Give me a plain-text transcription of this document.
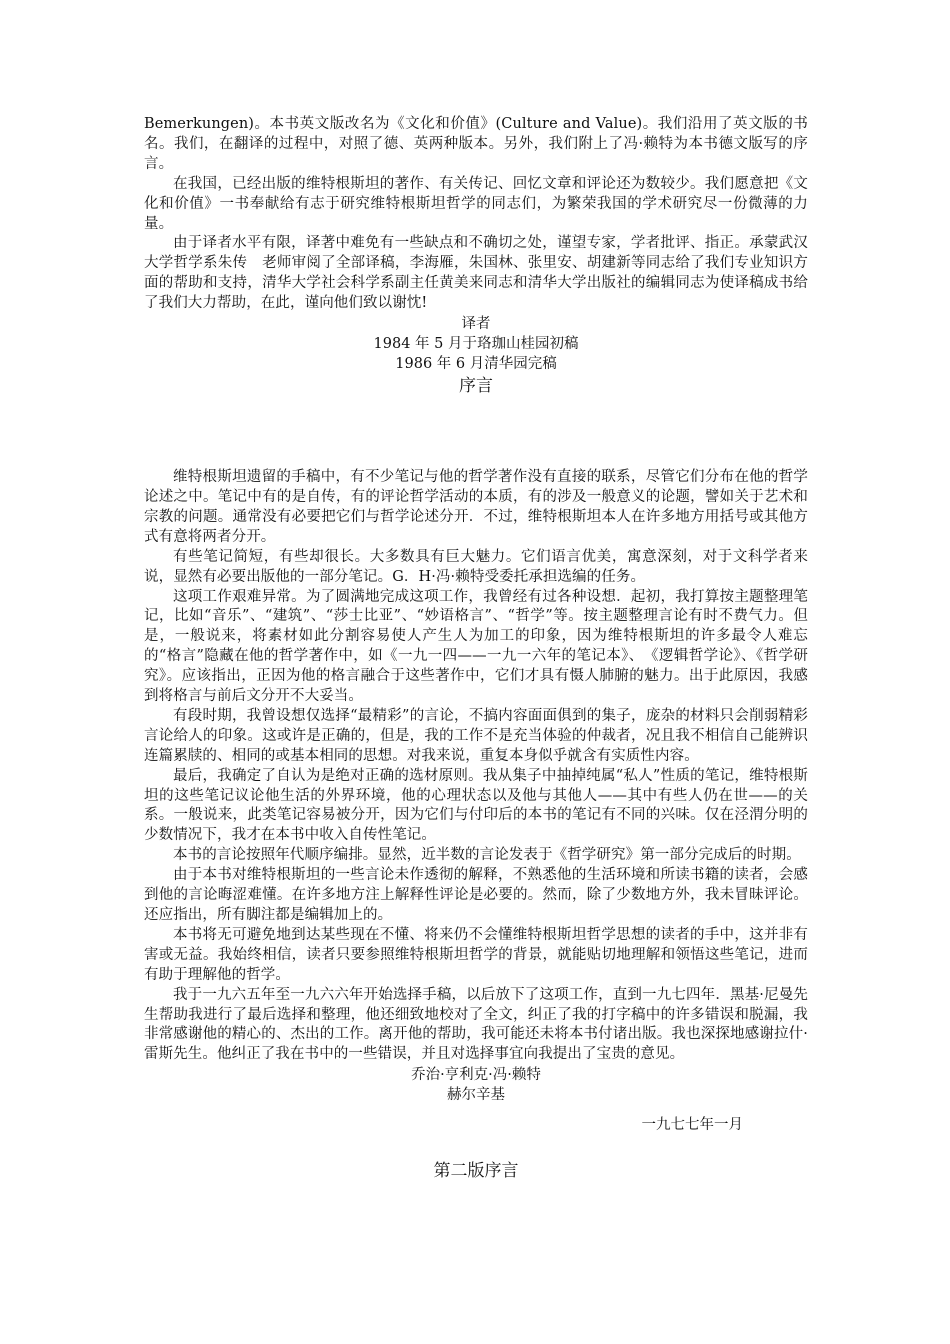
Bemerkungen)。本书英文版改名为《文化和价值》(Culture and Value)。我们沿用了英文版的书名。我们，在翻译的过程中，对照了德、英两种版本。另外，我们附上了冯·赖特为本书德文版写的序言。

在我国，已经出版的维特根斯坦的著作、有关传记、回忆文章和评论还为数较少。我们愿意把《文化和价值》一书奉献给有志于研究维特根斯坦哲学的同志们，为繁荣我国的学术研究尽一份微薄的力量。

由于译者水平有限，译著中难免有一些缺点和不确切之处，谨望专家，学者批评、指正。承蒙武汉大学哲学系朱传　老师审阅了全部译稿，李海雁，朱国林、张里安、胡建新等同志给了我们专业知识方面的帮助和支持，清华大学社会科学系副主任黄美来同志和清华大学出版社的编辑同志为使译稿成书给了我们大力帮助，在此，谨向他们致以谢忱!

译者

1984 年 5 月于珞珈山桂园初稿

1986 年 6 月清华园完稿

序言

维特根斯坦遗留的手稿中，有不少笔记与他的哲学著作没有直接的联系，尽管它们分布在他的哲学论述之中。笔记中有的是自传，有的评论哲学活动的本质，有的涉及一般意义的论题，譬如关于艺术和宗教的问题。通常没有必要把它们与哲学论述分开．不过，维特根斯坦本人在许多地方用括号或其他方式有意将两者分开。

有些笔记简短，有些却很长。大多数具有巨大魅力。它们语言优美，寓意深刻，对于文科学者来说，显然有必要出版他的一部分笔记。G．H·冯·赖特受委托承担选编的任务。

这项工作艰难异常。为了圆满地完成这项工作，我曾经有过各种设想．起初，我打算按主题整理笔记，比如“音乐”、“建筑”、“莎士比亚”、“妙语格言”、“哲学”等。按主题整理言论有时不费气力。但是，一般说来，将素材如此分割容易使人产生人为加工的印象，因为维特根斯坦的许多最令人难忘的“格言”隐藏在他的哲学著作中，如《一九一四——一九一六年的笔记本》、　《逻辑哲学论》、《哲学研究》。应该指出，正因为他的格言融合于这些著作中，它们才具有慑人肺腑的魅力。出于此原因，我感到将格言与前后文分开不大妥当。

有段时期，我曾设想仅选择“最精彩”的言论，不搞内容面面俱到的集子，庞杂的材料只会削弱精彩言论给人的印象。这或许是正确的，但是，我的工作不是充当体验的仲裁者，况且我不相信自己能辨识连篇累牍的、相同的或基本相同的思想。对我来说，重复本身似乎就含有实质性内容。

最后，我确定了自认为是绝对正确的选材原则。我从集子中抽掉纯属“私人”性质的笔记，维特根斯坦的这些笔记议论他生活的外界环境，他的心理状态以及他与其他人——其中有些人仍在世——的关系。一般说来，此类笔记容易被分开，因为它们与付印后的本书的笔记有不同的兴味。仅在泾渭分明的少数情况下，我才在本书中收入自传性笔记。

本书的言论按照年代顺序编排。显然，近半数的言论发表于《哲学研究》第一部分完成后的时期。

由于本书对维特根斯坦的一些言论未作透彻的解释，不熟悉他的生活环境和所读书籍的读者，会感到他的言论晦涩难懂。在许多地方注上解释性评论是必要的。然而，除了少数地方外，我未冒昧评论。还应指出，所有脚注都是编辑加上的。

本书将无可避免地到达某些现在不懂、将来仍不会懂维特根斯坦哲学思想的读者的手中，这并非有害或无益。我始终相信，读者只要参照维特根斯坦哲学的背景，就能贴切地理解和领悟这些笔记，进而有助于理解他的哲学。

我于一九六五年至一九六六年开始选择手稿，以后放下了这项工作，直到一九七四年．黑基·尼曼先生帮助我进行了最后选择和整理，他还细致地校对了全文，纠正了我的打字稿中的许多错误和脱漏，我非常感谢他的精心的、杰出的工作。离开他的帮助，我可能还未将本书付诸出版。我也深探地感谢拉什·雷斯先生。他纠正了我在书中的一些错误，并且对选择事宜向我提出了宝贵的意见。

乔治·亨利克·冯·赖特

赫尔辛基

一九七七年一月

第二版序言
